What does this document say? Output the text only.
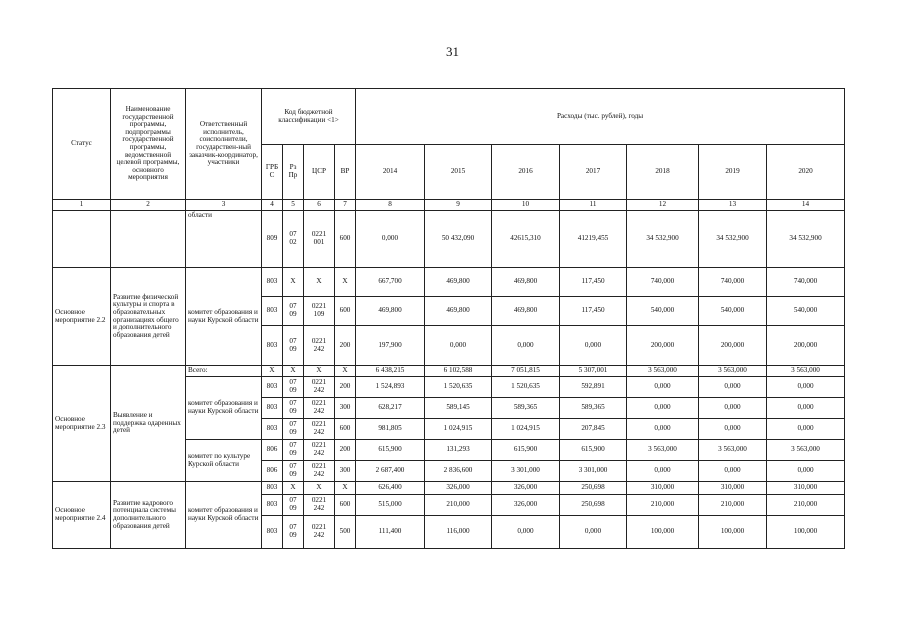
31
Статус	Наименование государственной программы, подпрограммы государственной программы, ведомственной целевой программы, основного мероприятия	Ответственный исполнитель, соисполнители, государствен-ный заказчик-координатор, участники	Код бюджетной классификации <1>				Расходы (тыс. рублей), годы						
			ГРБ С	Рз Пр	ЦСР	ВР	2014	2015	2016	2017	2018	2019	2020
1	2	3	4	5	6	7	8	9	10	11	12	13	14
		области	809	07 02	0221 001	600	0,000	50 432,090	42615,310	41219,455	34 532,900	34 532,900	34 532,900
Основное мероприятие 2.2	Развитие физической культуры и спорта в образовательных организациях общего и дополнительного образования детей	комитет образования и науки Курской области	803	Х	Х	Х	667,700	469,800	469,800	117,450	740,000	740,000	740,000
			803	07 09	0221 109	600	469,800	469,800	469,800	117,450	540,000	540,000	540,000
			803	07 09	0221 242	200	197,900	0,000	0,000	0,000	200,000	200,000	200,000
Основное мероприятие 2.3	Выявление и поддержка одаренных детей	Всего:	Х	Х	Х	Х	6 438,215	6 102,588	7 051,815	5 307,001	3 563,000	3 563,000	3 563,000
		комитет образования и науки Курской области	803	07 09	0221 242	200	1 524,893	1 520,635	1 520,635	592,891	0,000	0,000	0,000
			803	07 09	0221 242	300	628,217	589,145	589,365	589,365	0,000	0,000	0,000
			803	07 09	0221 242	600	981,805	1 024,915	1 024,915	207,845	0,000	0,000	0,000
		комитет по культуре Курской области	806	07 09	0221 242	200	615,900	131,293	615,900	615,900	3 563,000	3 563,000	3 563,000
			806	07 09	0221 242	300	2 687,400	2 836,600	3 301,000	3 301,000	0,000	0,000	0,000
Основное мероприятие 2.4	Развитие кадрового потенциала системы дополнительного образования детей	комитет образования и науки Курской области	803	Х	Х	Х	626,400	326,000	326,000	250,698	310,000	310,000	310,000
			803	07 09	0221 242	600	515,000	210,000	326,000	250,698	210,000	210,000	210,000
			803	07 09	0221 242	500	111,400	116,000	0,000	0,000	100,000	100,000	100,000
